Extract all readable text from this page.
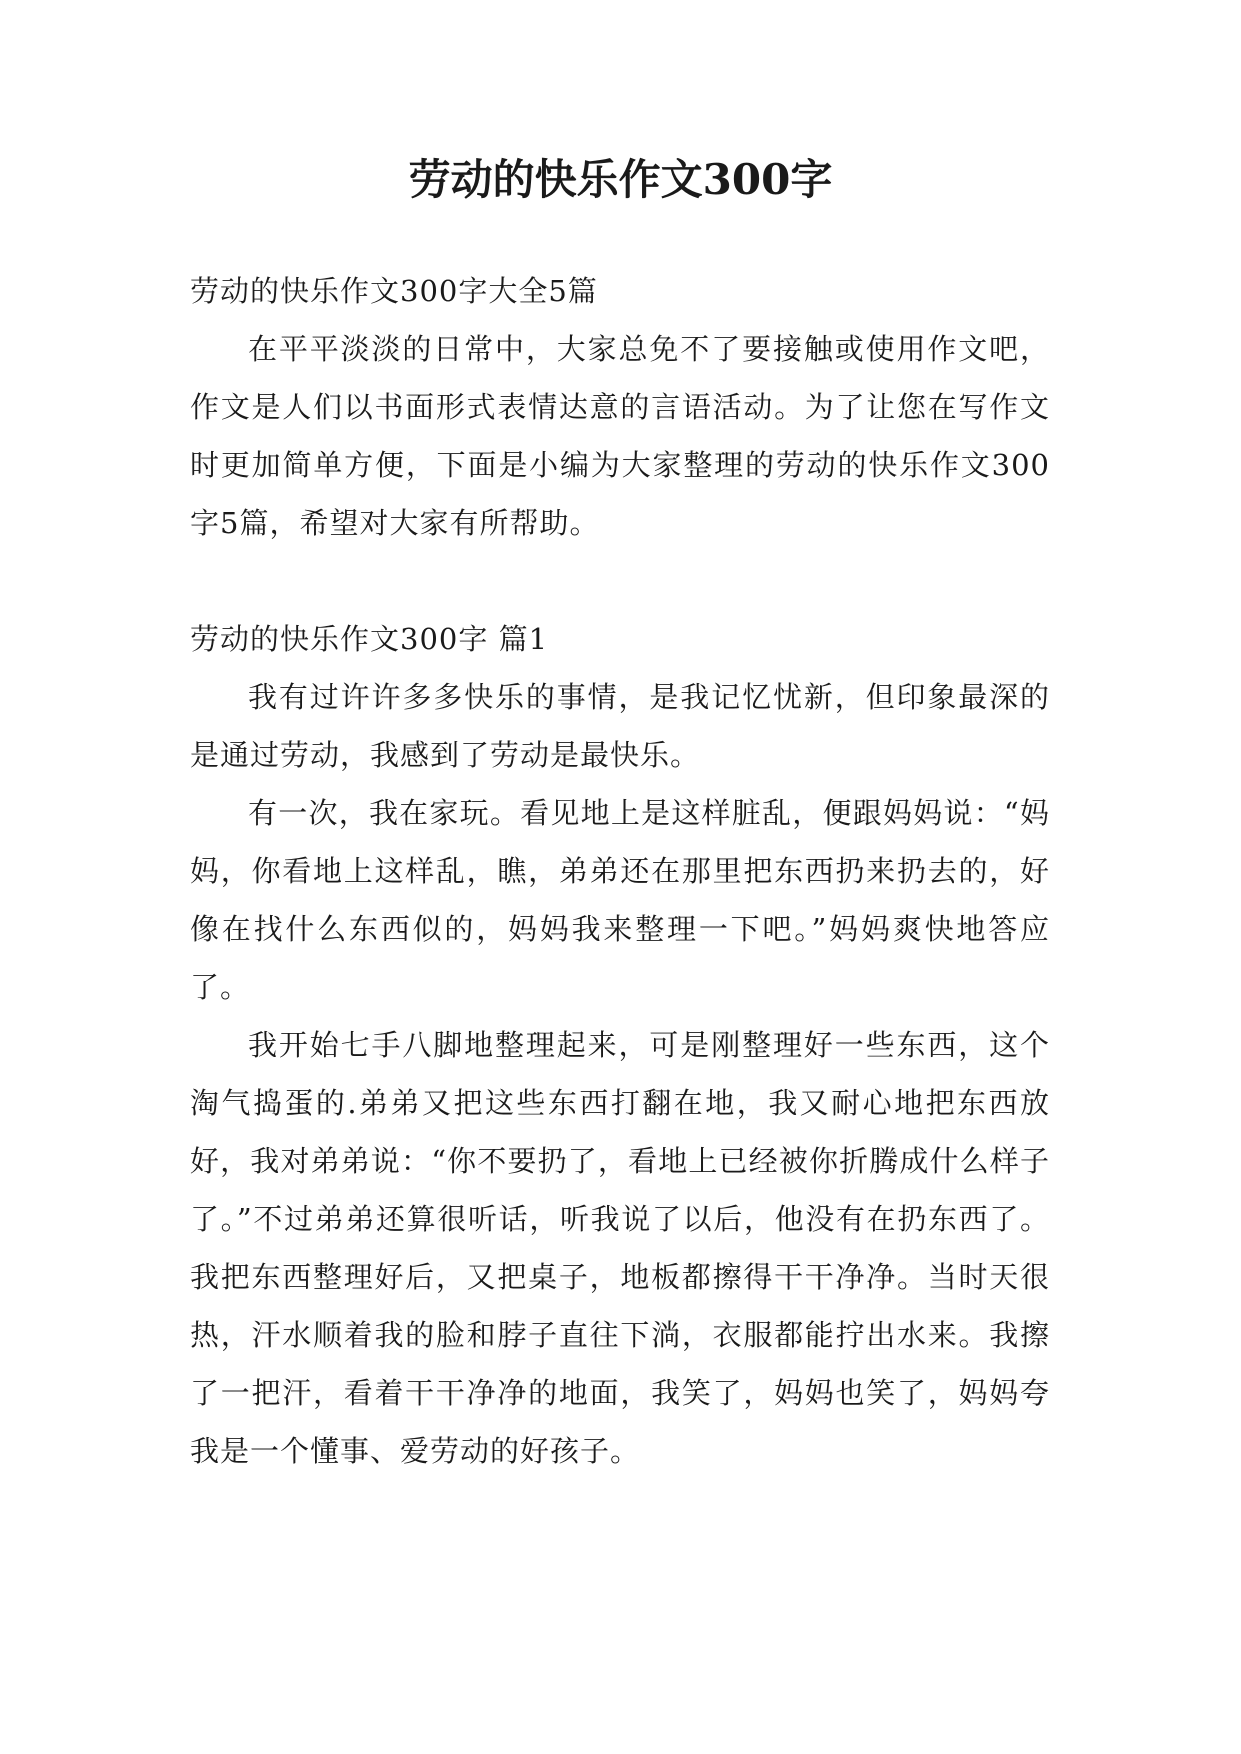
劳动的快乐作文300字

劳动的快乐作文300字大全5篇

在平平淡淡的日常中，大家总免不了要接触或使用作文吧，作文是人们以书面形式表情达意的言语活动。为了让您在写作文时更加简单方便，下面是小编为大家整理的劳动的快乐作文300字5篇，希望对大家有所帮助。

劳动的快乐作文300字 篇1

我有过许许多多快乐的事情，是我记忆忧新，但印象最深的是通过劳动，我感到了劳动是最快乐。

有一次，我在家玩。看见地上是这样脏乱，便跟妈妈说：“妈妈，你看地上这样乱，瞧，弟弟还在那里把东西扔来扔去的，好像在找什么东西似的，妈妈我来整理一下吧。”妈妈爽快地答应了。

我开始七手八脚地整理起来，可是刚整理好一些东西，这个淘气捣蛋的.弟弟又把这些东西打翻在地，我又耐心地把东西放好，我对弟弟说：“你不要扔了，看地上已经被你折腾成什么样子了。”不过弟弟还算很听话，听我说了以后，他没有在扔东西了。我把东西整理好后，又把桌子，地板都擦得干干净净。当时天很热，汗水顺着我的脸和脖子直往下淌，衣服都能拧出水来。我擦了一把汗，看着干干净净的地面，我笑了，妈妈也笑了，妈妈夸我是一个懂事、爱劳动的好孩子。
